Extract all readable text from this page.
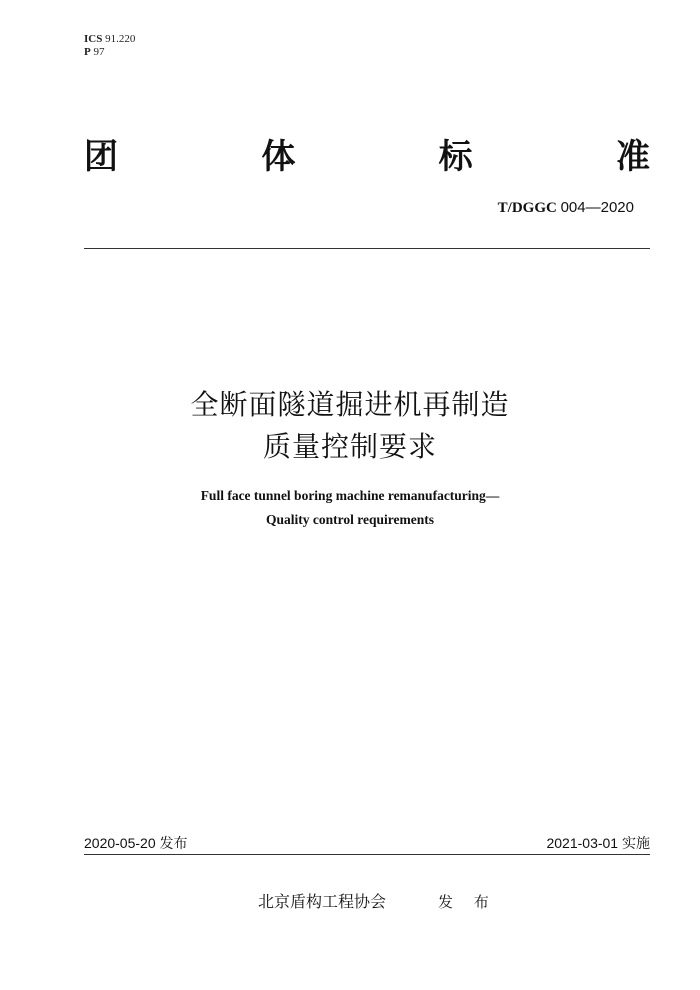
ICS 91.220
P 97
团	体	标	准
T/DGGC 004—2020
全断面隧道掘进机再制造
质量控制要求
Full face tunnel boring machine remanufacturing—
Quality control requirements
2020-05-20 发布	2021-03-01 实施
北京盾构工程协会	发 布
